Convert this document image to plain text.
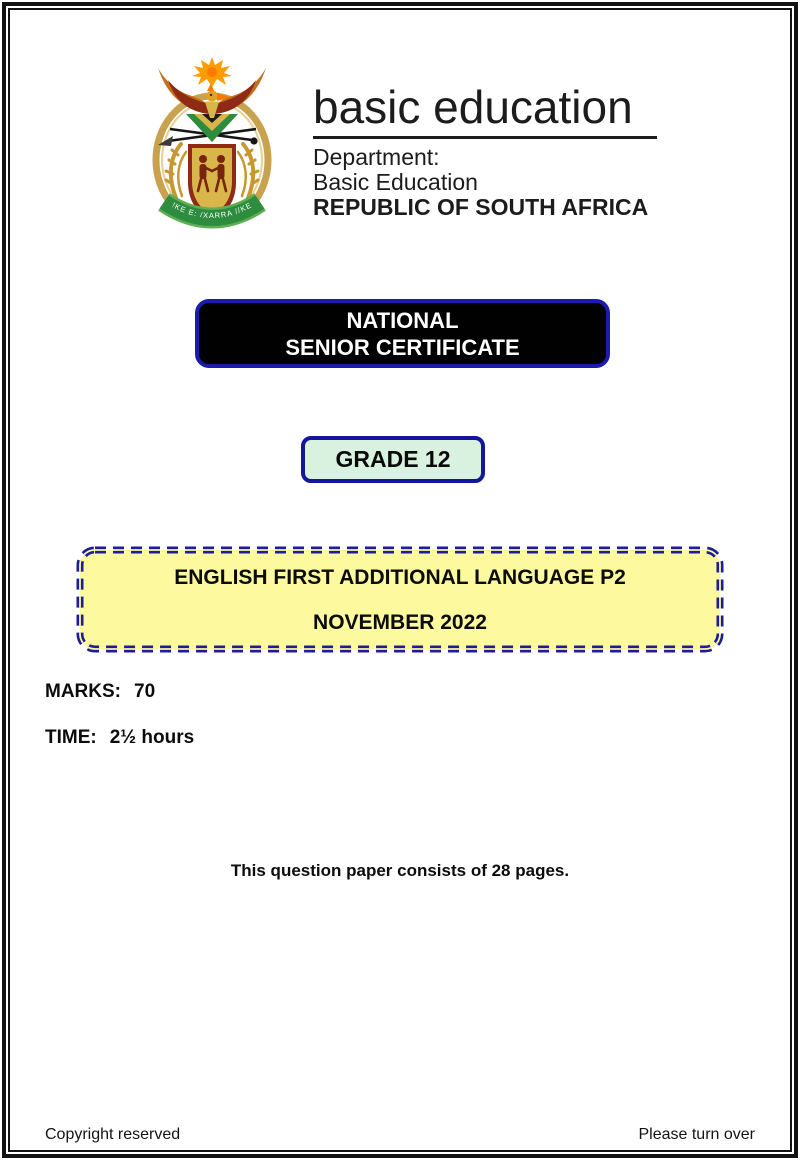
!KE E: /XARRA //KE
basic education
Department:
Basic Education
REPUBLIC OF SOUTH AFRICA
NATIONAL
SENIOR CERTIFICATE
GRADE 12
ENGLISH FIRST ADDITIONAL LANGUAGE P2
NOVEMBER 2022
MARKS: 70
TIME: 2½ hours
This question paper consists of 28 pages.
Copyright reserved	Please turn over
